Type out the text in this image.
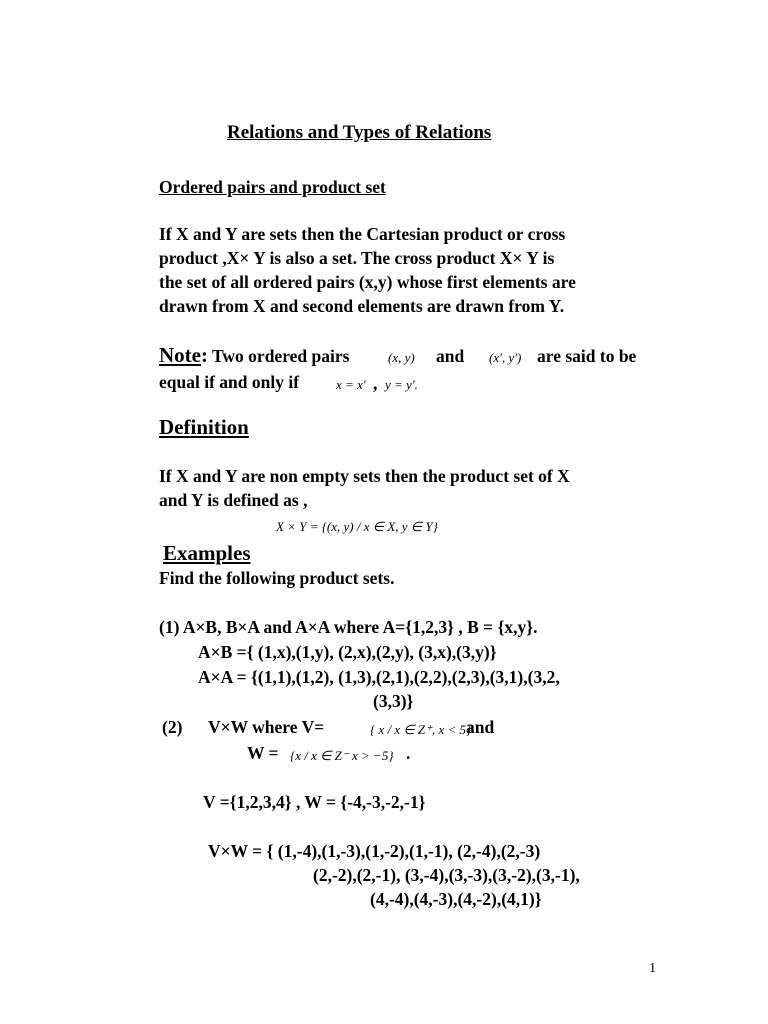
Relations and Types of Relations
Ordered pairs and product set
If X and Y are sets then the Cartesian product or cross
product ,X× Y is also a set. The cross product X× Y is
the set of all ordered pairs (x,y) whose first elements are
drawn from X and second elements are drawn from Y.
Note: Two ordered pairs	(x, y) and (x′, y′) are said to be
equal if and only if	x = x′ , y = y′.
Definition
If X and Y are non empty sets then the product set of X
and Y is defined as ,
X × Y = {(x, y) / x ∈ X, y ∈ Y}
Examples
Find the following product sets.
(1) A×B, B×A and A×A where A={1,2,3} , B = {x,y}.
A×B ={ (1,x),(1,y), (2,x),(2,y), (3,x),(3,y)}
A×A = {(1,1),(1,2), (1,3),(2,1),(2,2),(2,3),(3,1),(3,2,
(3,3)}
(2) V×W where V=	{ x / x ∈ Z⁺, x < 5}
and
W = {x / x ∈ Z⁻ x > −5} .
V ={1,2,3,4} , W = {-4,-3,-2,-1}
V×W = { (1,-4),(1,-3),(1,-2),(1,-1), (2,-4),(2,-3)
(2,-2),(2,-1), (3,-4),(3,-3),(3,-2),(3,-1),
(4,-4),(4,-3),(4,-2),(4,1)}
1
